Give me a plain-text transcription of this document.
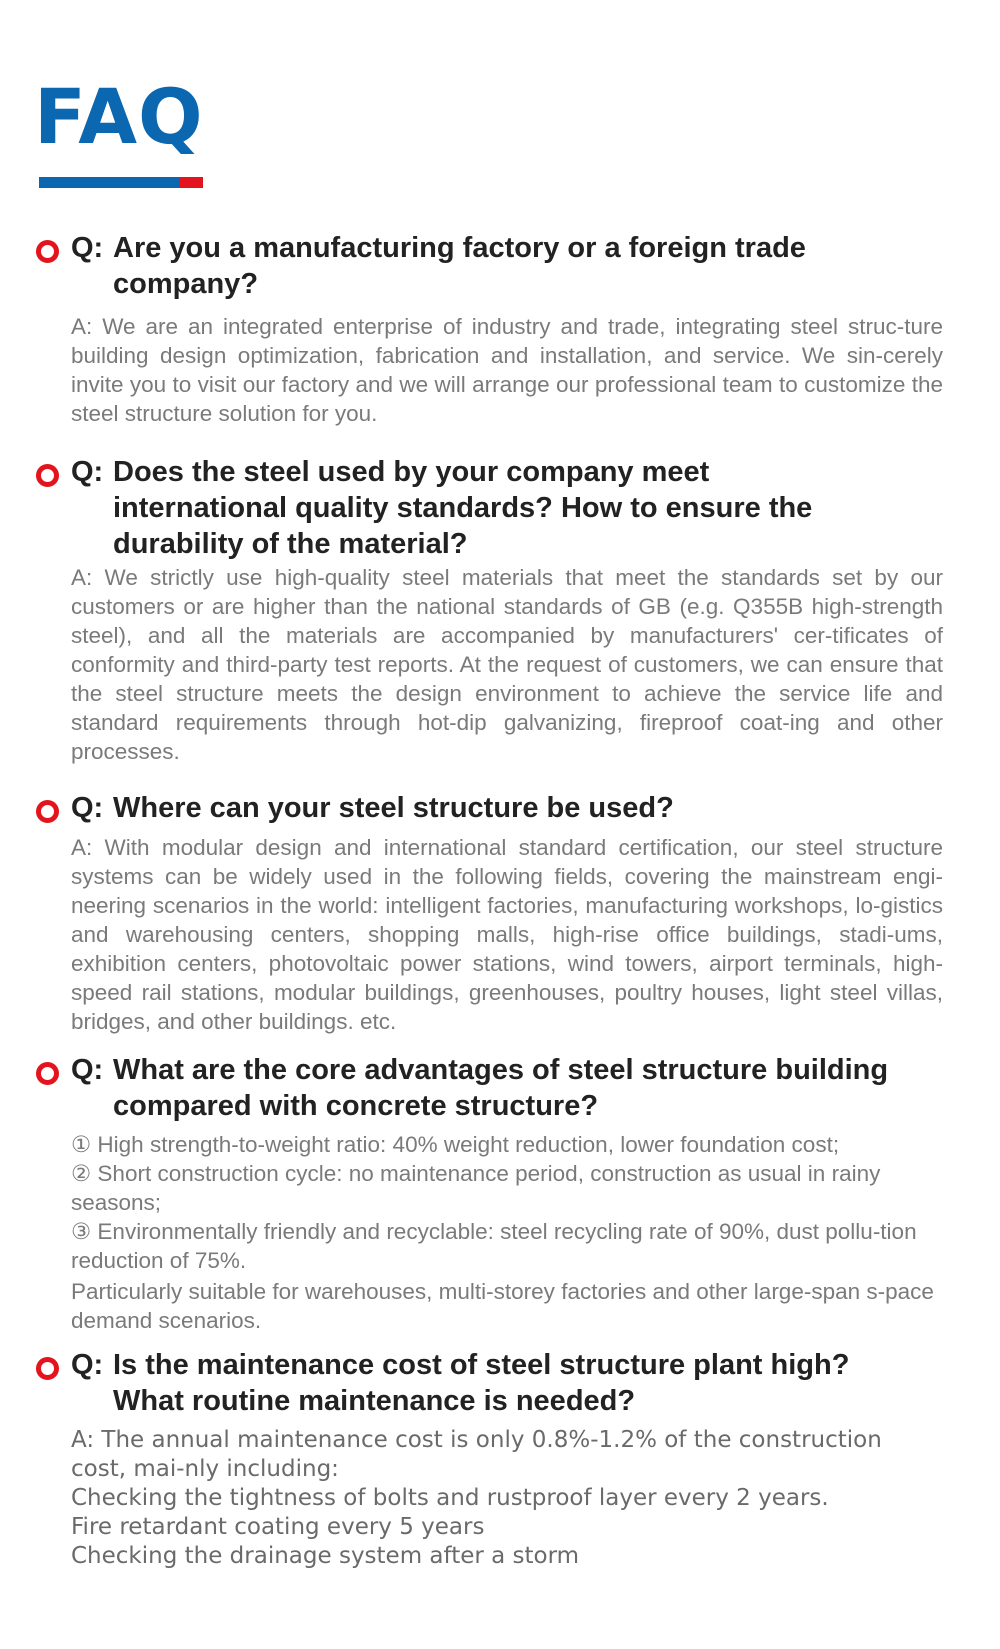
FAQ
Q: Are you a manufacturing factory or a foreign trade company?

A: We are an integrated enterprise of industry and trade, integrating steel struc-ture building design optimization, fabrication and installation, and service. We sin-cerely invite you to visit our factory and we will arrange our professional team to customize the steel structure solution for you.

Q: Does the steel used by your company meet international quality standards? How to ensure the durability of the material?

A: We strictly use high-quality steel materials that meet the standards set by our customers or are higher than the national standards of GB (e.g. Q355B high-strength steel), and all the materials are accompanied by manufacturers' cer-tificates of conformity and third-party test reports. At the request of customers, we can ensure that the steel structure meets the design environment to achieve the service life and standard requirements through hot-dip galvanizing, fireproof coat-ing and other processes.

Q: Where can your steel structure be used?

A: With modular design and international standard certification, our steel structure systems can be widely used in the following fields, covering the mainstream engi-neering scenarios in the world: intelligent factories, manufacturing workshops, lo-gistics and warehousing centers, shopping malls, high-rise office buildings, stadi-ums, exhibition centers, photovoltaic power stations, wind towers, airport terminals, high-speed rail stations, modular buildings, greenhouses, poultry houses, light steel villas, bridges, and other buildings. etc.

Q: What are the core advantages of steel structure building compared with concrete structure?

① High strength-to-weight ratio: 40% weight reduction, lower foundation cost;

② Short construction cycle: no maintenance period, construction as usual in rainy seasons;

③ Environmentally friendly and recyclable: steel recycling rate of 90%, dust pollu-tion reduction of 75%.

Particularly suitable for warehouses, multi-storey factories and other large-span s-pace demand scenarios.

Q: Is the maintenance cost of steel structure plant high? What routine maintenance is needed?

A: The annual maintenance cost is only 0.8%-1.2% of the construction cost, mai-nly including:

Checking the tightness of bolts and rustproof layer every 2 years.

Fire retardant coating every 5 years

Checking the drainage system after a storm
